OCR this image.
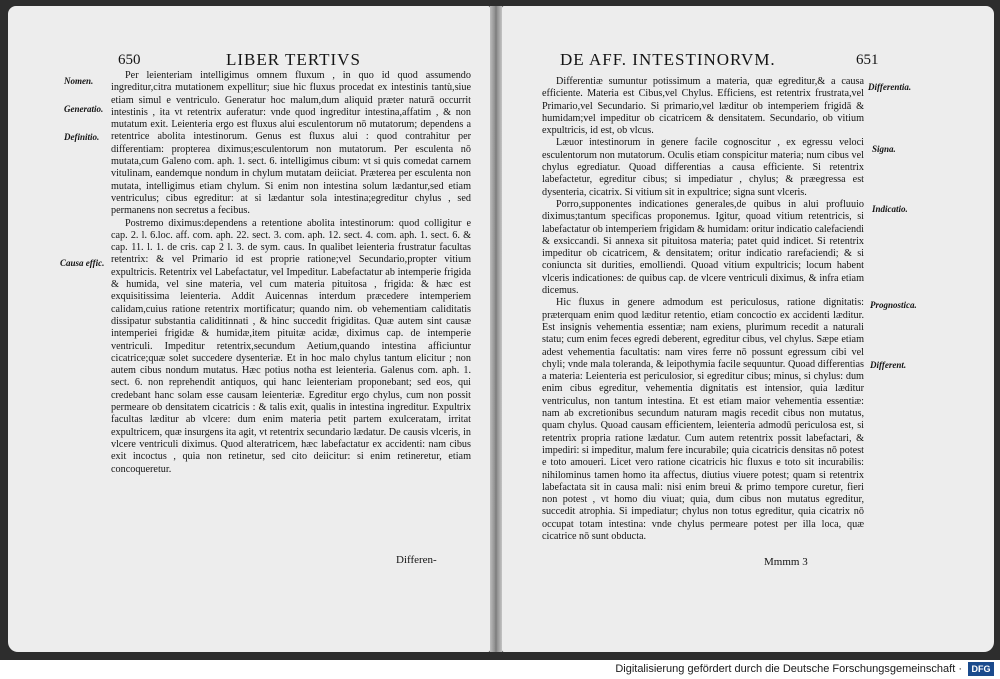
650	LIBER TERTIVS
Nomen.
Generatio.
Definitio.
Causa effic.

Per leienteriam intelligimus omnem fluxum , in quo id quod assumendo ingreditur,citra mutationem expellitur; siue hic fluxus procedat ex intestinis tantù,siue etiam simul e ventriculo. Generatur hoc malum,dum aliquid præter naturā occurrit intestinis , ita vt retentrix auferatur: vnde quod ingreditur intestina,affatim , & non mutatum exit. Leienteria ergo est fluxus alui esculentorum nō mutatorum; dependens a retentrice abolita intestinorum. Genus est fluxus alui : quod contrahitur per differentiam: propterea diximus;esculentorum non mutatorum. Per esculenta nō mutata,cum Galeno com. aph. 1. sect. 6. intelligimus cibum: vt si quis comedat carnem vitulinam, eandemque nondum in chylum mutatam deiiciat. Præterea per esculenta non mutata, intelligimus etiam chylum. Si enim non intestina solum lædantur,sed etiam ventriculus; cibus egreditur: at si lædantur sola intestina;egreditur chylus , sed permanens non secretus a fecibus.

Postremo diximus:dependens a retentione abolita intestinorum: quod colligitur e cap. 2. l. 6.loc. aff. com. aph. 22. sect. 3. com. aph. 12. sect. 4. com. aph. 1. sect. 6. & cap. 11. l. 1. de cris. cap 2 l. 3. de sym. caus. In qualibet leienteria frustratur facultas retentrix: & vel Primario id est proprie ratione;vel Secundario,propter vitium expultricis. Retentrix vel Labefactatur, vel Impeditur. Labefactatur ab intemperie frigida & humida, vel sine materia, vel cum materia pituitosa , frigida: & hæc est exquisitissima leienteria. Addit Auicennas interdum præcedere intemperiem calidam,cuius ratione retentrix mortificatur; quando nim. ob vehementiam caliditatis dissipatur substantia caliditinnati , & hinc succedit frigiditas. Quæ autem sint causæ intemperiei frigidæ & humidæ,item pituitæ acidæ, diximus cap. de intemperie ventriculi. Impeditur retentrix,secundum Aetium,quando intestina afficiuntur cicatrice;quæ solet succedere dysenteriæ. Et in hoc malo chylus tantum elicitur ; non autem cibus nondum mutatus. Hæc potius notha est leienteria. Galenus com. aph. 1. sect. 6. non reprehendit antiquos, qui hanc leienteriam proponebant; sed eos, qui credebant hanc solam esse causam leienteriæ. Egreditur ergo chylus, cum non possit permeare ob densitatem cicatricis : & talis exit, qualis in intestina ingreditur. Expultrix facultas læditur ab vlcere: dum enim materia petit partem exulceratam, irritat expultricem, quæ insurgens ita agit, vt retentrix secundario lædatur. De causis vlceris, in vlcere ventriculi diximus. Quod alteratricem, hæc labefactatur ex accidenti: nam cibus exit incoctus , quia non retinetur, sed cito deiicitur: si enim retineretur, etiam concoqueretur.

Differen-
DE AFF. INTESTINORVM.	651
Differentia.
Signa.
Indicatio.
Prognostica.
Different.

Differentiæ sumuntur potissimum a materia, quæ egreditur,& a causa efficiente. Materia est Cibus,vel Chylus. Efficiens, est retentrix frustrata,vel Primario,vel Secundario. Si primario,vel læditur ob intemperiem frigidā & humidam;vel impeditur ob cicatricem & densitatem. Secundario, ob vitium expultricis, id est, ob vlcus.

Læuor intestinorum in genere facile cognoscitur , ex egressu veloci esculentorum non mutatorum. Oculis etiam conspicitur materia; num cibus vel chylus egrediatur. Quoad differentias a causa efficiente. Si retentrix labefactetur, egreditur cibus; si impediatur , chylus; & præegressa est dysenteria, cicatrix. Si vitium sit in expultrice; signa sunt vlceris.

Porro,supponentes indicationes generales,de quibus in alui profluuio diximus;tantum specificas proponemus. Igitur, quoad vitium retentricis, si labefactatur ob intemperiem frigidam & humidam: oritur indicatio calefaciendi & exsiccandi. Si annexa sit pituitosa materia; patet quid indicet. Si retentrix impeditur ob cicatricem, & densitatem; oritur indicatio rarefaciendi; & si coniuncta sit durities, emolliendi. Quoad vitium expultricis; locum habent vlceris indicationes: de quibus cap. de vlcere ventriculi diximus, & infra etiam dicemus.

Hic fluxus in genere admodum est periculosus, ratione dignitatis: præterquam enim quod læditur retentio, etiam concoctio ex accidenti læditur. Est insignis vehementia essentiæ; nam exiens, plurimum recedit a naturali statu; cum enim feces egredi deberent, egreditur cibus, vel chylus. Sæpe etiam adest vehementia facultatis: nam vires ferre nō possunt egressum cibi vel chyli; vnde mala toleranda, & leipothymia facile sequuntur. Quoad differentias a materia: Leienteria est periculosior, si egreditur cibus; minus, si chylus: dum enim cibus egreditur, vehementia dignitatis est intensior, quia læditur ventriculus, non tantum intestina. Et est etiam maior vehementia essentiæ: nam ab excretionibus secundum naturam magis recedit cibus non mutatus, quam chylus. Quoad causam efficientem, leienteria admodū periculosa est, si retentrix propria ratione lædatur. Cum autem retentrix possit labefactari, & impediri: si impeditur, malum fere incurabile; quia cicatricis densitas nō potest e toto amoueri. Licet vero ratione cicatricis hic fluxus e toto sit incurabilis: nihilominus tamen homo ita affectus, diutius viuere potest; quam si retentrix labefactata sit in causa mali: nisi enim breui & primo tempore curetur, fieri non potest , vt homo diu viuat; quia, dum cibus non mutatus egreditur, succedit atrophia. Si impediatur; chylus non totus egreditur, quia cicatrix nō occupat totam intestina: vnde chylus permeare potest per illa loca, quæ cicatrice nō sunt obducta.

Mmmm 3
Digitalisierung gefördert durch die Deutsche Forschungsgemeinschaft ·	DFG
